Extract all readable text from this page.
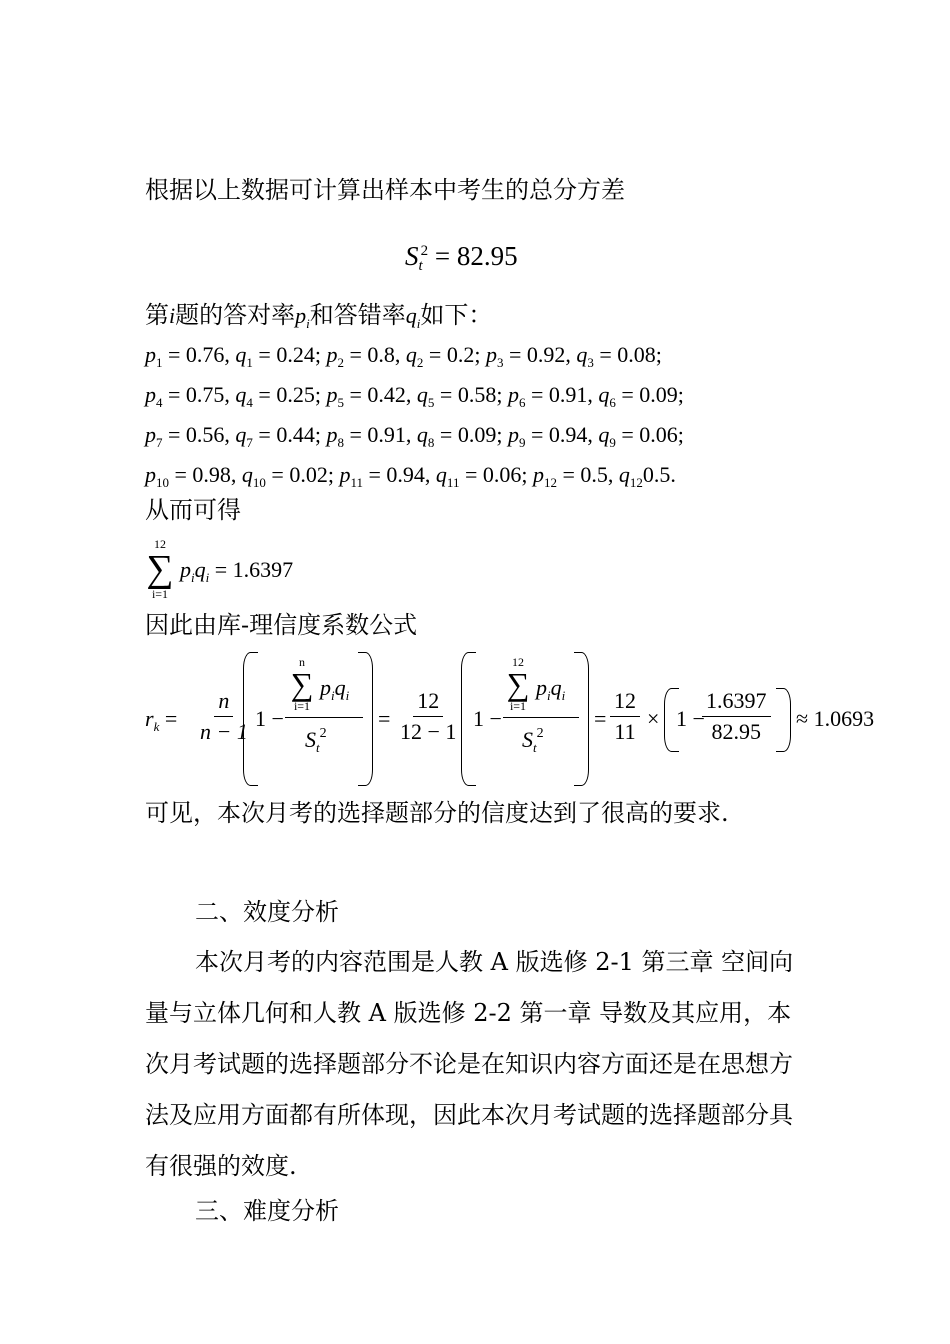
根据以上数据可计算出样本中考生的总分方差
$S_t^2 = 82.95$
第i题的答对率$p_i$和答错率$q_i$如下：
$p_1 = 0.76$, $q_1 = 0.24$; $p_2 = 0.8$, $q_2 = 0.2$; $p_3 = 0.92$, $q_3 = 0.08$;
$p_4 = 0.75$, $q_4 = 0.25$; $p_5 = 0.42$, $q_5 = 0.58$; $p_6 = 0.91$, $q_6 = 0.09$;
$p_7 = 0.56$, $q_7 = 0.44$; $p_8 = 0.91$, $q_8 = 0.09$; $p_9 = 0.94$, $q_9 = 0.06$;
$p_{10} = 0.98$, $q_{10} = 0.02$; $p_{11} = 0.94$, $q_{11} = 0.06$; $p_{12} = 0.5$, $q_{12}0.5$.
从而可得
12
∑
i=1
$p_iq_i = 1.6397$
因此由库-理信度系数公式
$r_k = \frac{n}{n - 1} 1$ −
n
∑
i=1
$p_iq_i$
$S_t^2$
= $\frac{12}{12 - 1} 1$ −
12
∑
i=1
$p_iq_i$
$S_t^2$
= $\frac{12}{11} \times 1$ −
$\frac{1.6397}{82.95} \approx 1.0693$
可见，本次月考的选择题部分的信度达到了很高的要求.
二、效度分析
本次月考的内容范围是人教 A 版选修 2-1 第三章 空间向量与立体几何和人教 A 版选修 2-2 第一章 导数及其应用，本次月考试题的选择题部分不论是在知识内容方面还是在思想方法及应用方面都有所体现，因此本次月考试题的选择题部分具有很强的效度.
三、难度分析
